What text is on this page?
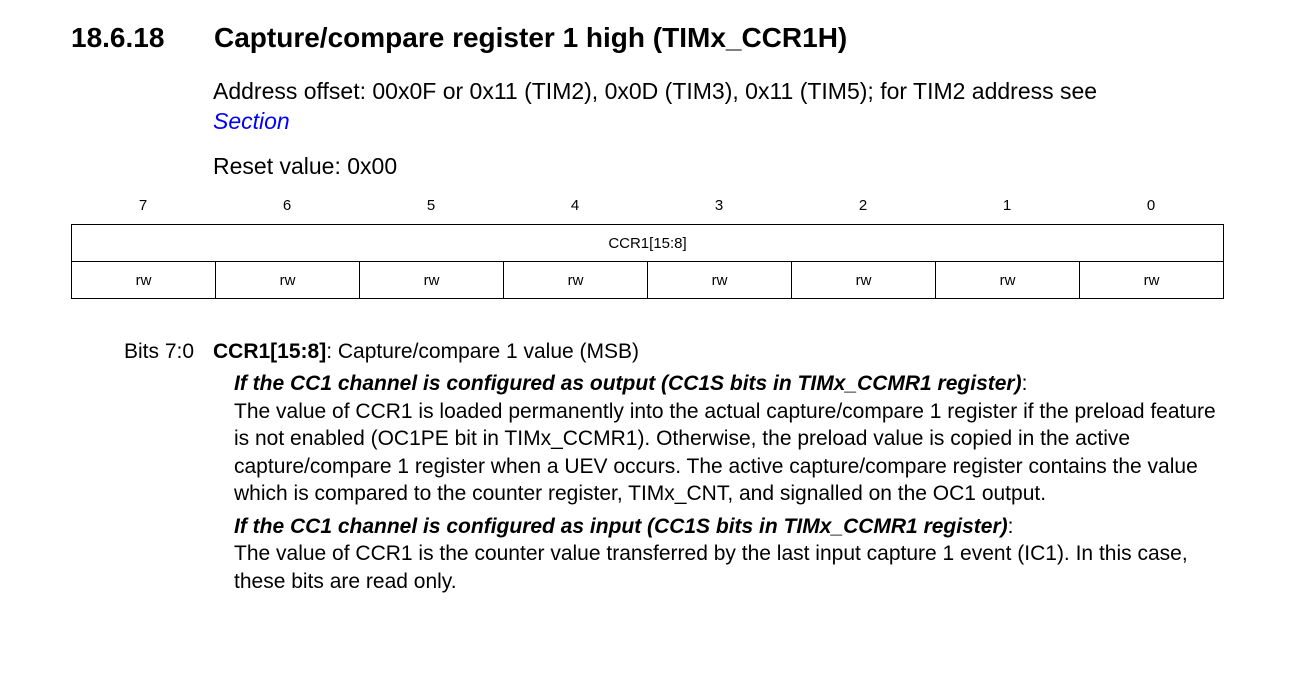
18.6.18 Capture/compare register 1 high (TIMx_CCR1H)
Address offset: 00x0F or 0x11 (TIM2), 0x0D (TIM3), 0x11 (TIM5); for TIM2 address see
Section
Reset value: 0x00
7	6	5	4	3	2	1	0
CCR1[15:8]
rw	rw	rw	rw	rw	rw	rw	rw
Bits 7:0 CCR1[15:8]: Capture/compare 1 value (MSB)
If the CC1 channel is configured as output (CC1S bits in TIMx_CCMR1 register):
The value of CCR1 is loaded permanently into the actual capture/compare 1 register if the preload feature is not enabled (OC1PE bit in TIMx_CCMR1). Otherwise, the preload value is copied in the active capture/compare 1 register when a UEV occurs. The active capture/compare register contains the value which is compared to the counter register, TIMx_CNT, and signalled on the OC1 output.
If the CC1 channel is configured as input (CC1S bits in TIMx_CCMR1 register):
The value of CCR1 is the counter value transferred by the last input capture 1 event (IC1). In this case, these bits are read only.
